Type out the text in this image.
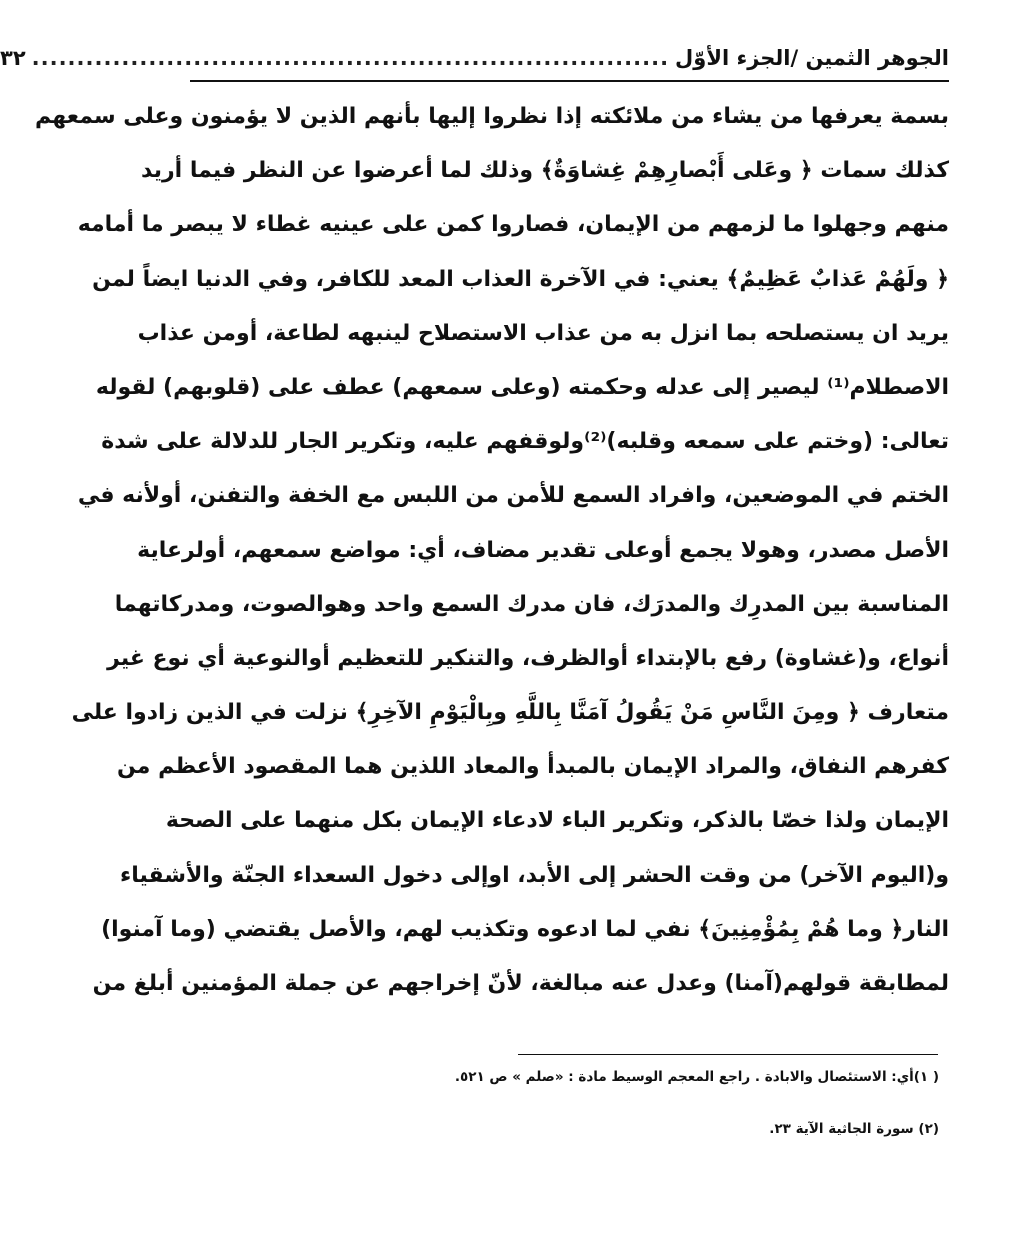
الجوهر الثمين /الجزء الأوّل
.......................................................................
٣٢
بسمة يعرفها من يشاء من ملائكته إذا نظروا إليها بأنهم الذين لا يؤمنون وعلى سمعهم
كذلك سمات ﴿ وعَلى أَبْصارِهِمْ غِشاوَةٌ﴾ وذلك لما أعرضوا عن النظر فيما أريد
منهم وجهلوا ما لزمهم من الإيمان، فصاروا كمن على عينيه غطاء لا يبصر ما أمامه
﴿ ولَهُمْ عَذابٌ عَظِيمٌ﴾ يعني: في الآخرة العذاب المعد للكافر، وفي الدنيا ايضاً لمن
يريد ان يستصلحه بما انزل به من عذاب الاستصلاح لينبهه لطاعة، أومن عذاب
الاصطلام⁽¹⁾ ليصير إلى عدله وحكمته (وعلى سمعهم) عطف على (قلوبهم) لقوله
تعالى: (وختم على سمعه وقلبه)⁽²⁾ولوقفهم عليه، وتكرير الجار للدلالة على شدة
الختم في الموضعين، وافراد السمع للأمن من اللبس مع الخفة والتفنن، أولأنه في
الأصل مصدر، وهولا يجمع أوعلى تقدير مضاف، أي: مواضع سمعهم، أولرعاية
المناسبة بين المدرِك والمدرَك، فان مدرك السمع واحد وهوالصوت، ومدركاتهما
أنواع، و(غشاوة) رفع بالإبتداء أوالظرف، والتنكير للتعظيم أوالنوعية أي نوع غير
متعارف ﴿ ومِنَ النَّاسِ مَنْ يَقُولُ آمَنَّا بِاللَّهِ وبِالْيَوْمِ الآخِرِ﴾ نزلت في الذين زادوا على
كفرهم النفاق، والمراد الإيمان بالمبدأ والمعاد اللذين هما المقصود الأعظم من
الإيمان ولذا خصّا بالذكر، وتكرير الباء لادعاء الإيمان بكل منهما على الصحة
و(اليوم الآخر) من وقت الحشر إلى الأبد، اوإلى دخول السعداء الجنّة والأشقياء
النار﴿ وما هُمْ بِمُؤْمِنِينَ﴾ نفي لما ادعوه وتكذيب لهم، والأصل يقتضي (وما آمنوا)
لمطابقة قولهم(آمنا) وعدل عنه مبالغة، لأنّ إخراجهم عن جملة المؤمنين أبلغ من
( ١)أي: الاستئصال والابادة . راجع المعجم الوسيط مادة : «صلم » ص ٥٢١.
(٢) سورة الجاثية الآية ٢٣.
